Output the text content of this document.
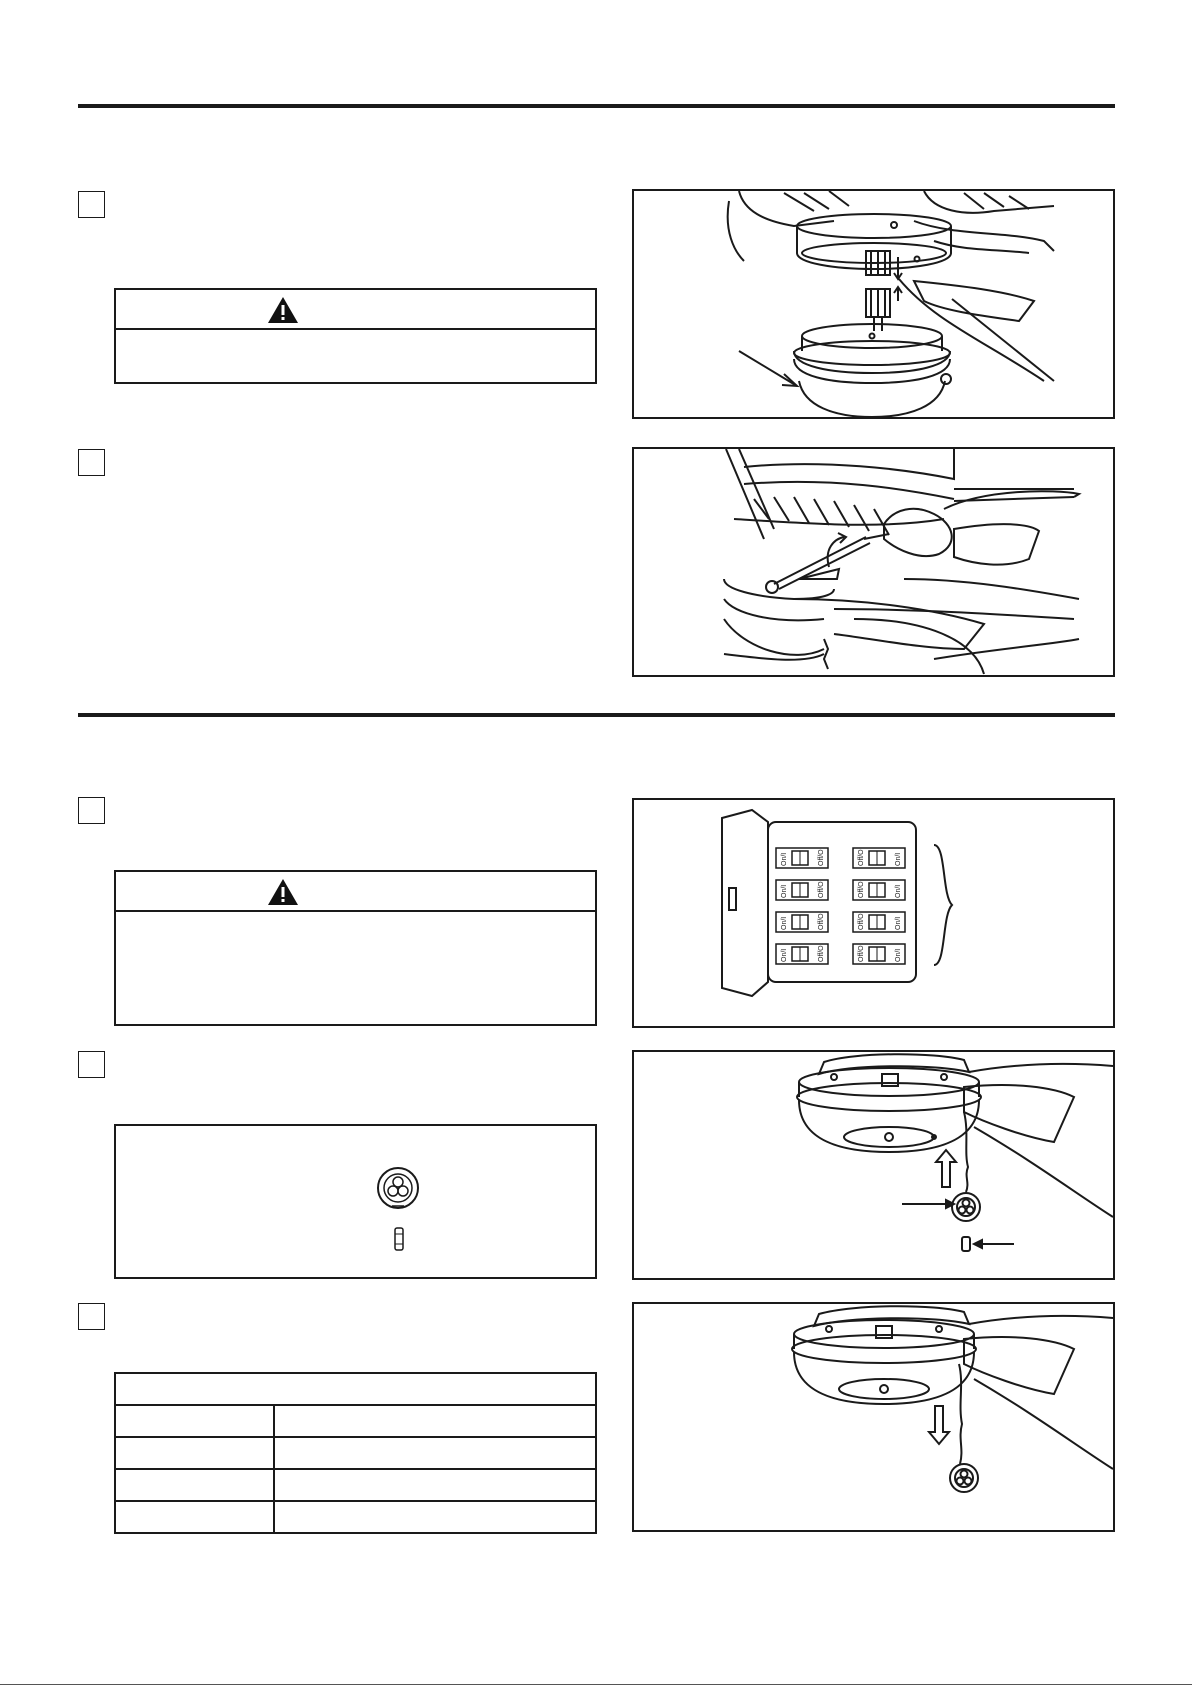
On/I	Off/O	Off/O	On/I
On/I	Off/O	Off/O	On/I
On/I	Off/O	Off/O	On/I
On/I	Off/O	Off/O	On/I
